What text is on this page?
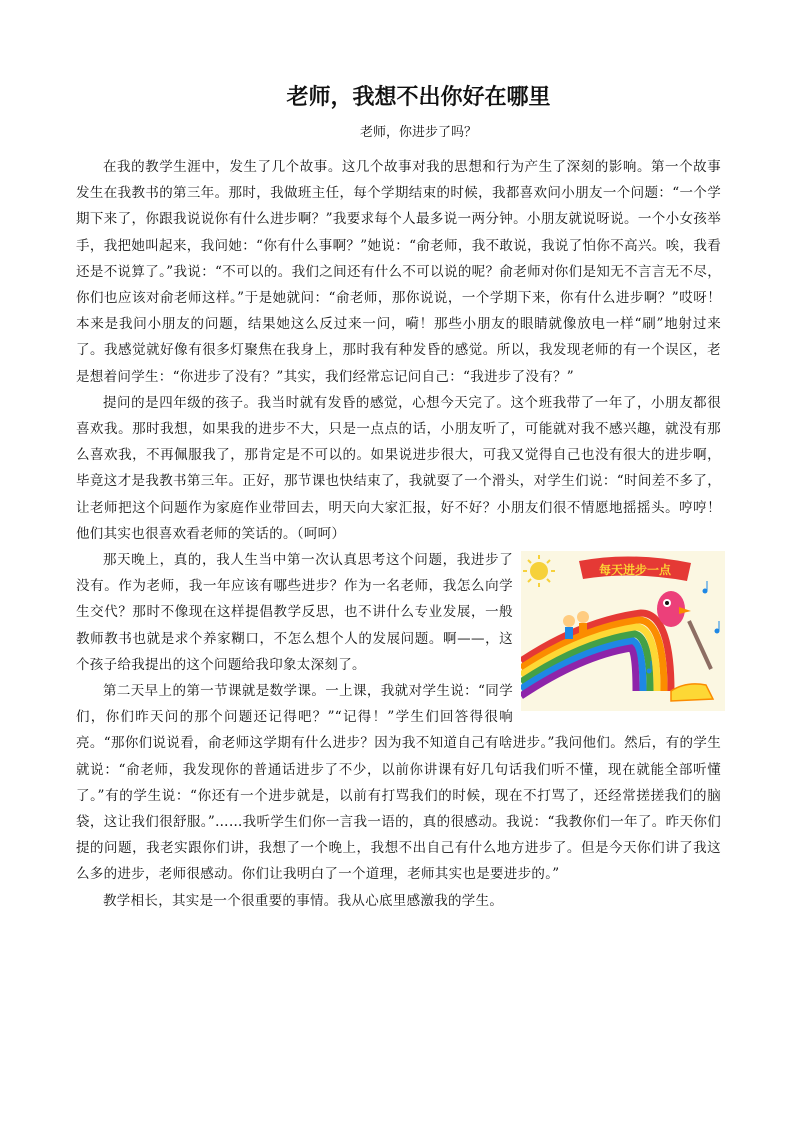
老师，我想不出你好在哪里
老师，你进步了吗？

在我的教学生涯中，发生了几个故事。这几个故事对我的思想和行为产生了深刻的影响。第一个故事发生在我教书的第三年。那时，我做班主任，每个学期结束的时候，我都喜欢问小朋友一个问题：“一个学期下来了，你跟我说说你有什么进步啊？”我要求每个人最多说一两分钟。小朋友就说呀说。一个小女孩举手，我把她叫起来，我问她：“你有什么事啊？”她说：“俞老师，我不敢说，我说了怕你不高兴。唉，我看还是不说算了。”我说：“不可以的。我们之间还有什么不可以说的呢？俞老师对你们是知无不言言无不尽，你们也应该对俞老师这样。”于是她就问：“俞老师，那你说说，一个学期下来，你有什么进步啊？”哎呀！本来是我问小朋友的问题，结果她这么反过来一问，嗬！那些小朋友的眼睛就像放电一样“刷”地射过来了。我感觉就好像有很多灯聚焦在我身上，那时我有种发昏的感觉。所以，我发现老师的有一个误区，老是想着问学生：“你进步了没有？”其实，我们经常忘记问自己：“我进步了没有？”

提问的是四年级的孩子。我当时就有发昏的感觉，心想今天完了。这个班我带了一年了，小朋友都很喜欢我。那时我想，如果我的进步不大，只是一点点的话，小朋友听了，可能就对我不感兴趣，就没有那么喜欢我，不再佩服我了，那肯定是不可以的。如果说进步很大，可我又觉得自己也没有很大的进步啊，毕竟这才是我教书第三年。正好，那节课也快结束了，我就耍了一个滑头，对学生们说：“时间差不多了，让老师把这个问题作为家庭作业带回去，明天向大家汇报，好不好？小朋友们很不情愿地摇摇头。哼哼！他们其实也很喜欢看老师的笑话的。（呵呵）

每天进步一点

那天晚上，真的，我人生当中第一次认真思考这个问题，我进步了没有。作为老师，我一年应该有哪些进步？作为一名老师，我怎么向学生交代？那时不像现在这样提倡教学反思，也不讲什么专业发展，一般教师教书也就是求个养家糊口，不怎么想个人的发展问题。啊——，这个孩子给我提出的这个问题给我印象太深刻了。

第二天早上的第一节课就是数学课。一上课，我就对学生说：“同学们，你们昨天问的那个问题还记得吧？”“记得！”学生们回答得很响亮。“那你们说说看，俞老师这学期有什么进步？因为我不知道自己有啥进步。”我问他们。然后，有的学生就说：“俞老师，我发现你的普通话进步了不少，以前你讲课有好几句话我们听不懂，现在就能全部听懂了。”有的学生说：“你还有一个进步就是，以前有打骂我们的时候，现在不打骂了，还经常搓搓我们的脑袋，这让我们很舒服。”……我听学生们你一言我一语的，真的很感动。我说：“我教你们一年了。昨天你们提的问题，我老实跟你们讲，我想了一个晚上，我想不出自己有什么地方进步了。但是今天你们讲了我这么多的进步，老师很感动。你们让我明白了一个道理，老师其实也是要进步的。”

教学相长，其实是一个很重要的事情。我从心底里感激我的学生。
